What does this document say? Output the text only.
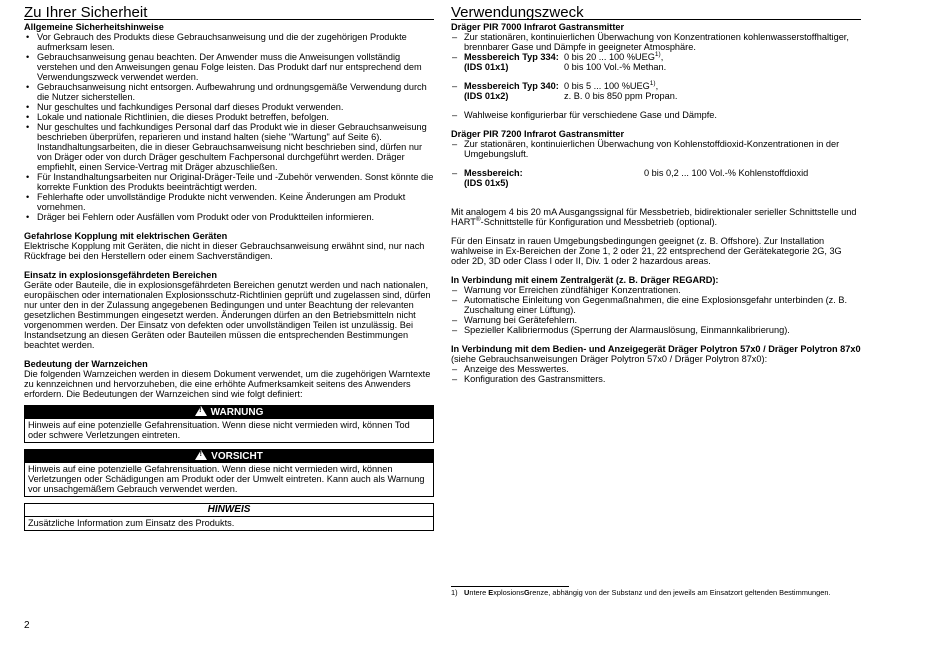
Zu Ihrer Sicherheit
Allgemeine Sicherheitshinweise
• Vor Gebrauch des Produkts diese Gebrauchsanweisung und die der zugehörigen Produkte aufmerksam lesen.
• Gebrauchsanweisung genau beachten. Der Anwender muss die Anweisungen vollständig verstehen und den Anweisungen genau Folge leisten. Das Produkt darf nur entsprechend dem Verwendungszweck verwendet werden.
• Gebrauchsanweisung nicht entsorgen. Aufbewahrung und ordnungsgemäße Verwendung durch die Nutzer sicherstellen.
• Nur geschultes und fachkundiges Personal darf dieses Produkt verwenden.
• Lokale und nationale Richtlinien, die dieses Produkt betreffen, befolgen.
• Nur geschultes und fachkundiges Personal darf das Produkt wie in dieser Gebrauchsanweisung beschrieben überprüfen, reparieren und instand halten (siehe "Wartung" auf Seite 6). Instandhaltungsarbeiten, die in dieser Gebrauchsanweisung nicht beschrieben sind, dürfen nur von Dräger oder von durch Dräger geschultem Fachpersonal durchgeführt werden. Dräger empfiehlt, einen Service-Vertrag mit Dräger abzuschließen.
• Für Instandhaltungsarbeiten nur Original-Dräger-Teile und -Zubehör verwenden. Sonst könnte die korrekte Funktion des Produkts beeinträchtigt werden.
• Fehlerhafte oder unvollständige Produkte nicht verwenden. Keine Änderungen am Produkt vornehmen.
• Dräger bei Fehlern oder Ausfällen vom Produkt oder von Produktteilen informieren.
Gefahrlose Kopplung mit elektrischen Geräten

Elektrische Kopplung mit Geräten, die nicht in dieser Gebrauchsanweisung erwähnt sind, nur nach Rückfrage bei den Herstellern oder einem Sachverständigen.

Einsatz in explosionsgefährdeten Bereichen

Geräte oder Bauteile, die in explosionsgefährdeten Bereichen genutzt werden und nach nationalen, europäischen oder internationalen Explosionsschutz-Richtlinien geprüft und zugelassen sind, dürfen nur unter den in der Zulassung angegebenen Bedingungen und unter Beachtung der relevanten gesetzlichen Bestimmungen eingesetzt werden. Änderungen dürfen an den Betriebsmitteln nicht vorgenommen werden. Der Einsatz von defekten oder unvollständigen Teilen ist unzulässig. Bei Instandsetzung an diesen Geräten oder Bauteilen müssen die entsprechenden Bestimmungen beachtet werden.

Bedeutung der Warnzeichen

Die folgenden Warnzeichen werden in diesem Dokument verwendet, um die zugehörigen Warntexte zu kennzeichnen und hervorzuheben, die eine erhöhte Aufmerksamkeit seitens des Anwenders erfordern. Die Bedeutungen der Warnzeichen sind wie folgt definiert:

!WARNUNG
Hinweis auf eine potenzielle Gefahrensituation. Wenn diese nicht vermieden wird, können Tod oder schwere Verletzungen eintreten.
!VORSICHT
Hinweis auf eine potenzielle Gefahrensituation. Wenn diese nicht vermieden wird, können Verletzungen oder Schädigungen am Produkt oder der Umwelt eintreten. Kann auch als Warnung vor unsachgemäßem Gebrauch verwendet werden.
HINWEIS
Zusätzliche Information zum Einsatz des Produkts.
2
Verwendungszweck
Dräger PIR 7000 Infrarot Gastransmitter
– Zur stationären, kontinuierlichen Überwachung von Konzentrationen kohlenwasserstoffhaltiger, brennbarer Gase und Dämpfe in geeigneter Atmosphäre.
– Messbereich Typ 334: 0 bis 20 ... 100 %UEG$^{1)}$,
(IDS 01x1)	0 bis 100 Vol.-% Methan.
– Messbereich Typ 340: 0 bis 5 ... 100 %UEG$^{1)}$,
(IDS 01x2)	z. B. 0 bis 850 ppm Propan.
– Wahlweise konfigurierbar für verschiedene Gase und Dämpfe.
Dräger PIR 7200 Infrarot Gastransmitter
– Zur stationären, kontinuierlichen Überwachung von Kohlenstoffdioxid-Konzentrationen in der Umgebungsluft.
– Messbereich:	0 bis 0,2 ... 100 Vol.-% Kohlenstoffdioxid
(IDS 01x5)

Mit analogem 4 bis 20 mA Ausgangssignal für Messbetrieb, bidirektionaler serieller Schnittstelle und HART®-Schnittstelle für Konfiguration und Messbetrieb (optional).

Für den Einsatz in rauen Umgebungsbedingungen geeignet (z. B. Offshore). Zur Installation wahlweise in Ex-Bereichen der Zone 1, 2 oder 21, 22 entsprechend der Gerätekategorie 2G, 3G oder 2D, 3D oder Class I oder II, Div. 1 oder 2 hazardous areas.

In Verbindung mit einem Zentralgerät (z. B. Dräger REGARD):
– Warnung vor Erreichen zündfähiger Konzentrationen.
– Automatische Einleitung von Gegenmaßnahmen, die eine Explosionsgefahr unterbinden (z. B. Zuschaltung einer Lüftung).
– Warnung bei Gerätefehlern.
– Spezieller Kalibriermodus (Sperrung der Alarmauslösung, Einmannkalibrierung).

In Verbindung mit dem Bedien- und Anzeigegerät Dräger Polytron 57x0 / Dräger Polytron 87x0 (siehe Gebrauchsanweisungen Dräger Polytron 57x0 / Dräger Polytron 87x0):

– Anzeige des Messwertes.
– Konfiguration des Gastransmitters.
1) Untere ExplosionsGrenze, abhängig von der Substanz und den jeweils am Einsatzort geltenden Bestimmungen.
